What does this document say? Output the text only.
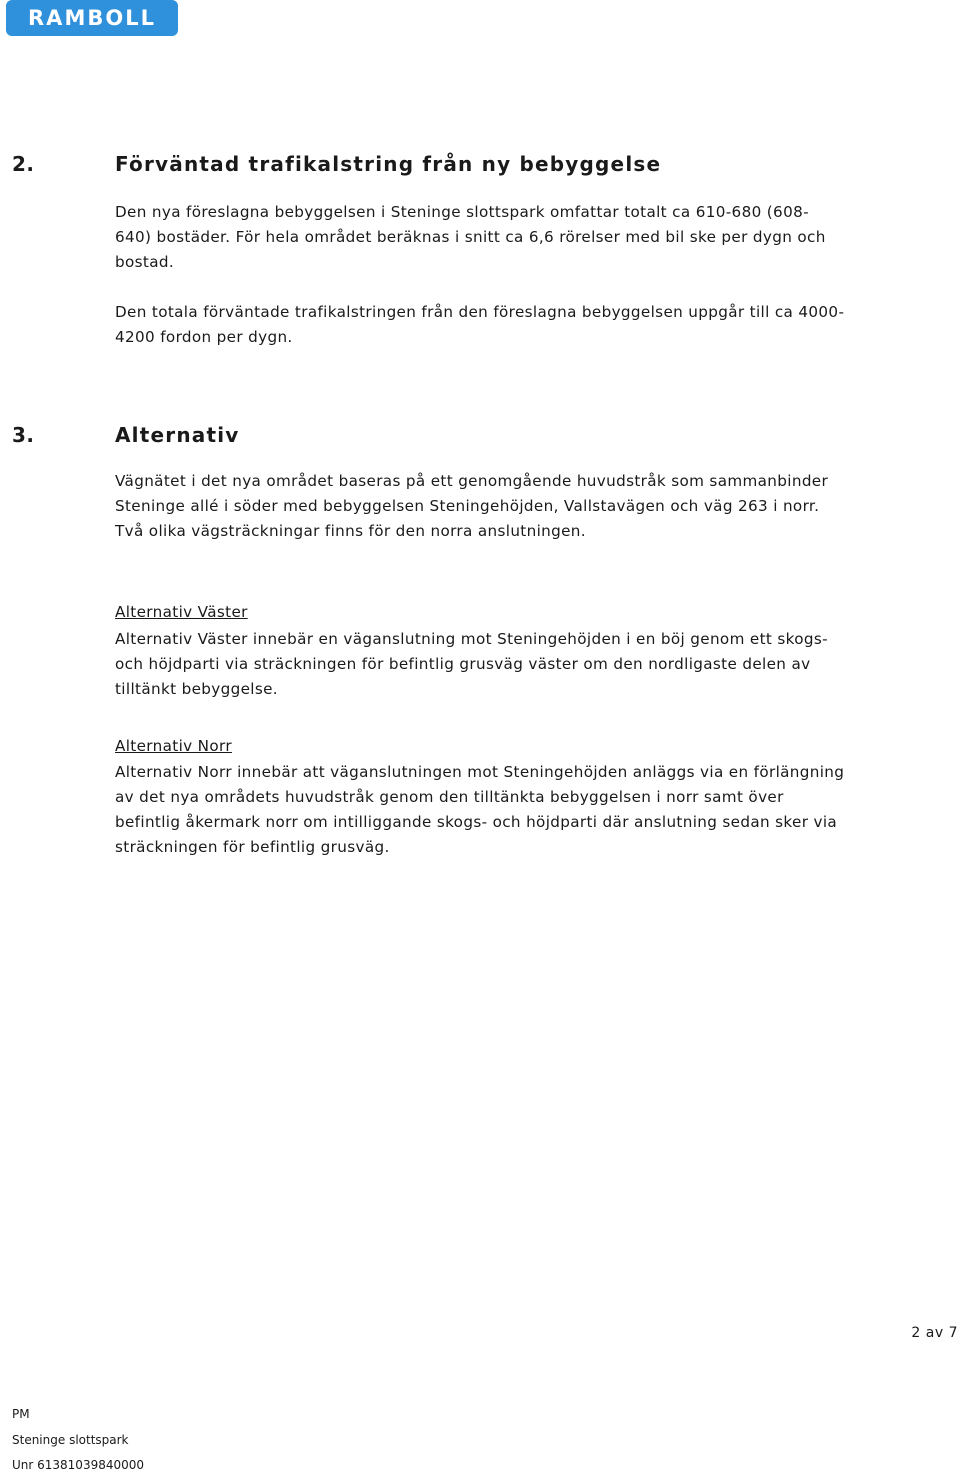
RAMBOLL
2.	Förväntad trafikalstring från ny bebyggelse

Den nya föreslagna bebyggelsen i Steninge slottspark omfattar totalt ca 610-680 (608-640) bostäder. För hela området beräknas i snitt ca 6,6 rörelser med bil ske per dygn och bostad.

Den totala förväntade trafikalstringen från den föreslagna bebyggelsen uppgår till ca 4000-4200 fordon per dygn.

3.	Alternativ

Vägnätet i det nya området baseras på ett genomgående huvudstråk som sammanbinder Steninge allé i söder med bebyggelsen Steningehöjden, Vallstavägen och väg 263 i norr. Två olika vägsträckningar finns för den norra anslutningen.

Alternativ Väster

Alternativ Väster innebär en väganslutning mot Steningehöjden i en böj genom ett skogs- och höjdparti via sträckningen för befintlig grusväg väster om den nordligaste delen av tilltänkt bebyggelse.

Alternativ Norr

Alternativ Norr innebär att väganslutningen mot Steningehöjden anläggs via en förlängning av det nya områdets huvudstråk genom den tilltänkta bebyggelsen i norr samt över befintlig åkermark norr om intilliggande skogs- och höjdparti där anslutning sedan sker via sträckningen för befintlig grusväg.

2 av 7
PM
Steninge slottspark
Unr 61381039840000
